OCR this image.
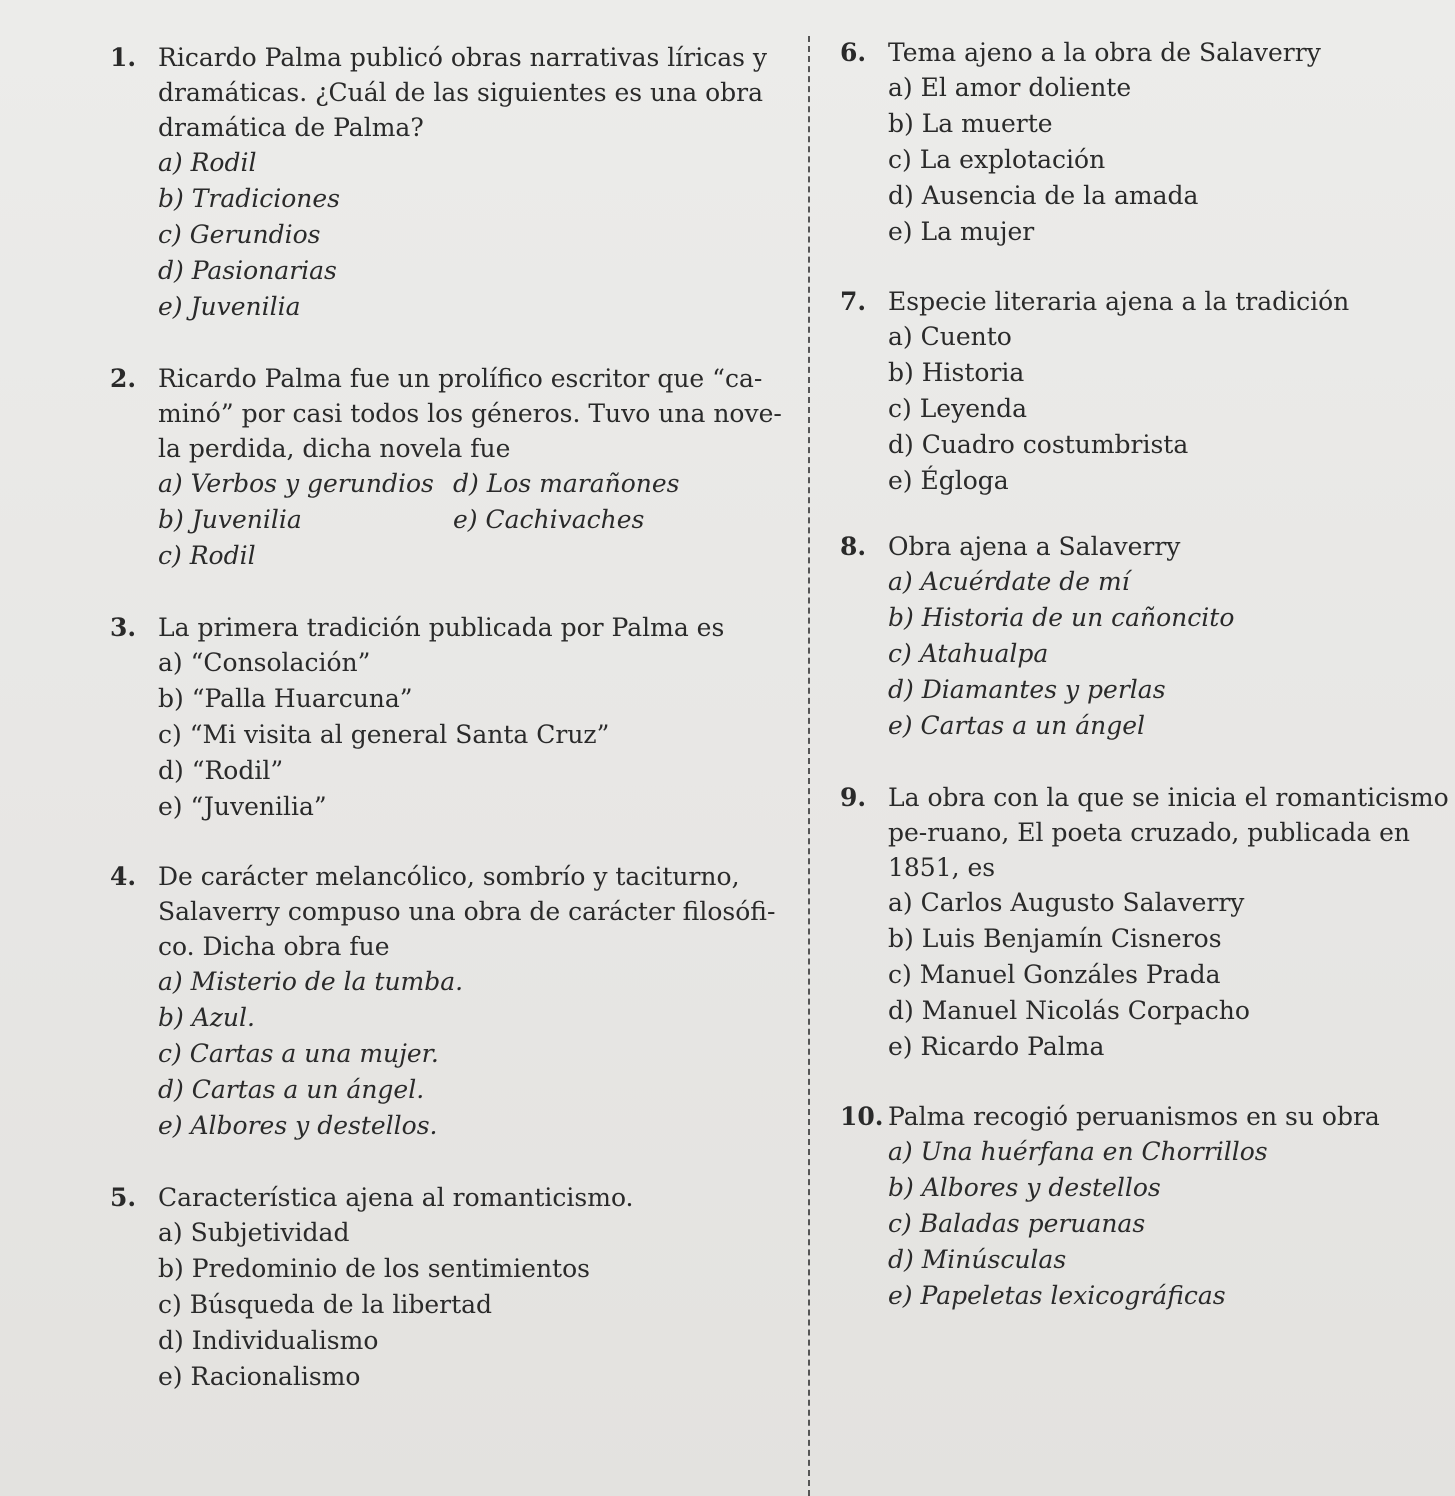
1. Ricardo Palma publicó obras narrativas líricas y dramáticas. ¿Cuál de las siguientes es una obra dramática de Palma?
a) Rodil
b) Tradiciones
c) Gerundios
d) Pasionarias
e) Juvenilia
2. Ricardo Palma fue un prolífico escritor que “ca-minó” por casi todos los géneros. Tuvo una nove-la perdida, dicha novela fue
a) Verbos y gerundios d) Los marañones
b) Juvenilia	e) Cachivaches
c) Rodil
3. La primera tradición publicada por Palma es
a) “Consolación”
b) “Palla Huarcuna”
c) “Mi visita al general Santa Cruz”
d) “Rodil”
e) “Juvenilia”
4. De carácter melancólico, sombrío y taciturno, Salaverry compuso una obra de carácter filosófi-co. Dicha obra fue
a) Misterio de la tumba.
b) Azul.
c) Cartas a una mujer.
d) Cartas a un ángel.
e) Albores y destellos.
5. Característica ajena al romanticismo.
a) Subjetividad
b) Predominio de los sentimientos
c) Búsqueda de la libertad
d) Individualismo
e) Racionalismo
6. Tema ajeno a la obra de Salaverry
a) El amor doliente
b) La muerte
c) La explotación
d) Ausencia de la amada
e) La mujer
7. Especie literaria ajena a la tradición
a) Cuento
b) Historia
c) Leyenda
d) Cuadro costumbrista
e) Égloga
8. Obra ajena a Salaverry
a) Acuérdate de mí
b) Historia de un cañoncito
c) Atahualpa
d) Diamantes y perlas
e) Cartas a un ángel
9. La obra con la que se inicia el romanticismo pe-ruano, El poeta cruzado, publicada en 1851, es
a) Carlos Augusto Salaverry
b) Luis Benjamín Cisneros
c) Manuel Gonzáles Prada
d) Manuel Nicolás Corpacho
e) Ricardo Palma
10. Palma recogió peruanismos en su obra
a) Una huérfana en Chorrillos
b) Albores y destellos
c) Baladas peruanas
d) Minúsculas
e) Papeletas lexicográficas
